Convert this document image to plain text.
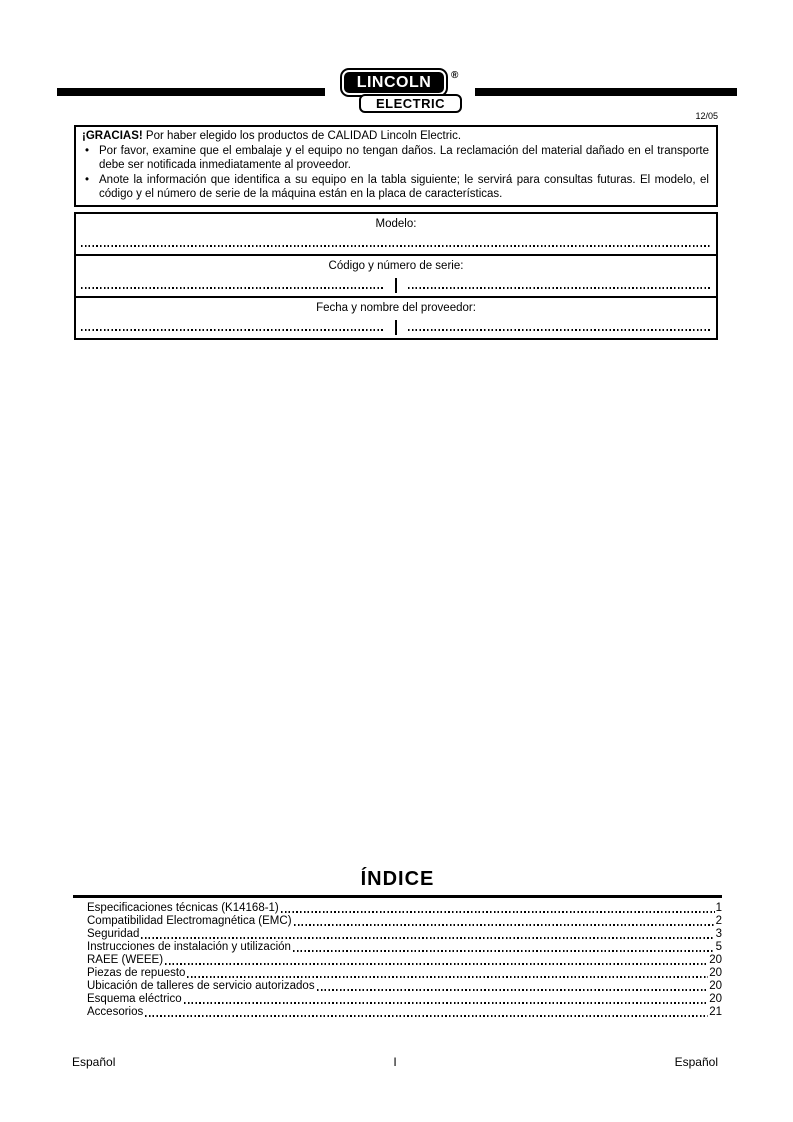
LINCOLN	®
ELECTRIC
12/05
¡GRACIAS! Por haber elegido los productos de CALIDAD Lincoln Electric.
• Por favor, examine que el embalaje y el equipo no tengan daños. La reclamación del material dañado en el transporte debe ser notificada inmediatamente al proveedor.
• Anote la información que identifica a su equipo en la tabla siguiente; le servirá para consultas futuras. El modelo, el código y el número de serie de la máquina están en la placa de características.
Modelo:
Código y número de serie:
Fecha y nombre del proveedor:
ÍNDICE
Especificaciones técnicas (K14168-1)	1
Compatibilidad Electromagnética (EMC)	2
Seguridad	3
Instrucciones de instalación y utilización	5
RAEE (WEEE)	20
Piezas de repuesto	20
Ubicación de talleres de servicio autorizados	20
Esquema eléctrico	20
Accesorios	21
Español	I	Español
